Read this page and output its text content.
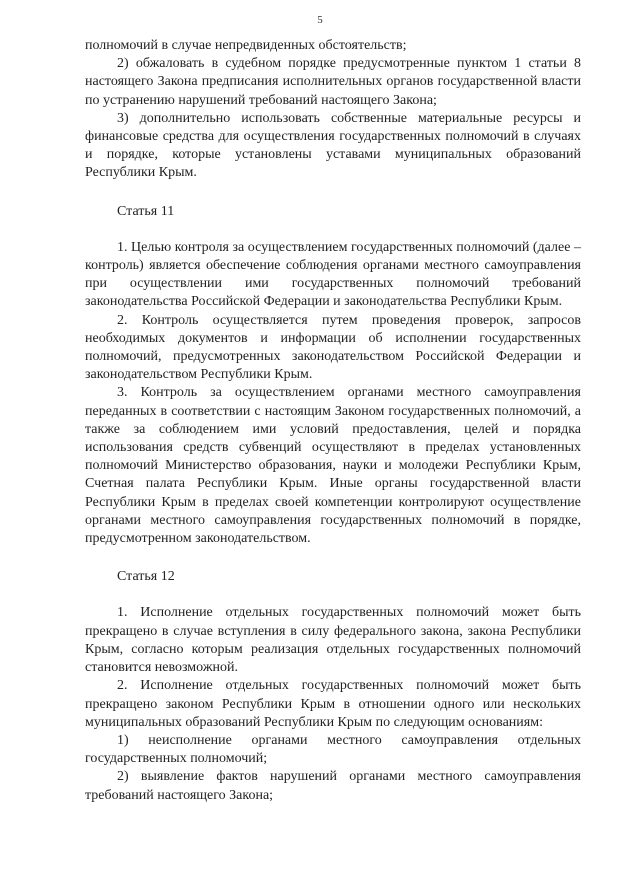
5

полномочий в случае непредвиденных обстоятельств;

2) обжаловать в судебном порядке предусмотренные пунктом 1 статьи 8 настоящего Закона предписания исполнительных органов государственной власти по устранению нарушений требований настоящего Закона;

3) дополнительно использовать собственные материальные ресурсы и финансовые средства для осуществления государственных полномочий в случаях и порядке, которые установлены уставами муниципальных образований Республики Крым.

Статья 11

1. Целью контроля за осуществлением государственных полномочий (далее – контроль) является обеспечение соблюдения органами местного самоуправления при осуществлении ими государственных полномочий требований законодательства Российской Федерации и законодательства Республики Крым.

2. Контроль осуществляется путем проведения проверок, запросов необходимых документов и информации об исполнении государственных полномочий, предусмотренных законодательством Российской Федерации и законодательством Республики Крым.

3. Контроль за осуществлением органами местного самоуправления переданных в соответствии с настоящим Законом государственных полномочий, а также за соблюдением ими условий предоставления, целей и порядка использования средств субвенций осуществляют в пределах установленных полномочий Министерство образования, науки и молодежи Республики Крым, Счетная палата Республики Крым. Иные органы государственной власти Республики Крым в пределах своей компетенции контролируют осуществление органами местного самоуправления государственных полномочий в порядке, предусмотренном законодательством.

Статья 12

1. Исполнение отдельных государственных полномочий может быть прекращено в случае вступления в силу федерального закона, закона Республики Крым, согласно которым реализация отдельных государственных полномочий становится невозможной.

2. Исполнение отдельных государственных полномочий может быть прекращено законом Республики Крым в отношении одного или нескольких муниципальных образований Республики Крым по следующим основаниям:

1) неисполнение органами местного самоуправления отдельных государственных полномочий;

2) выявление фактов нарушений органами местного самоуправления требований настоящего Закона;
